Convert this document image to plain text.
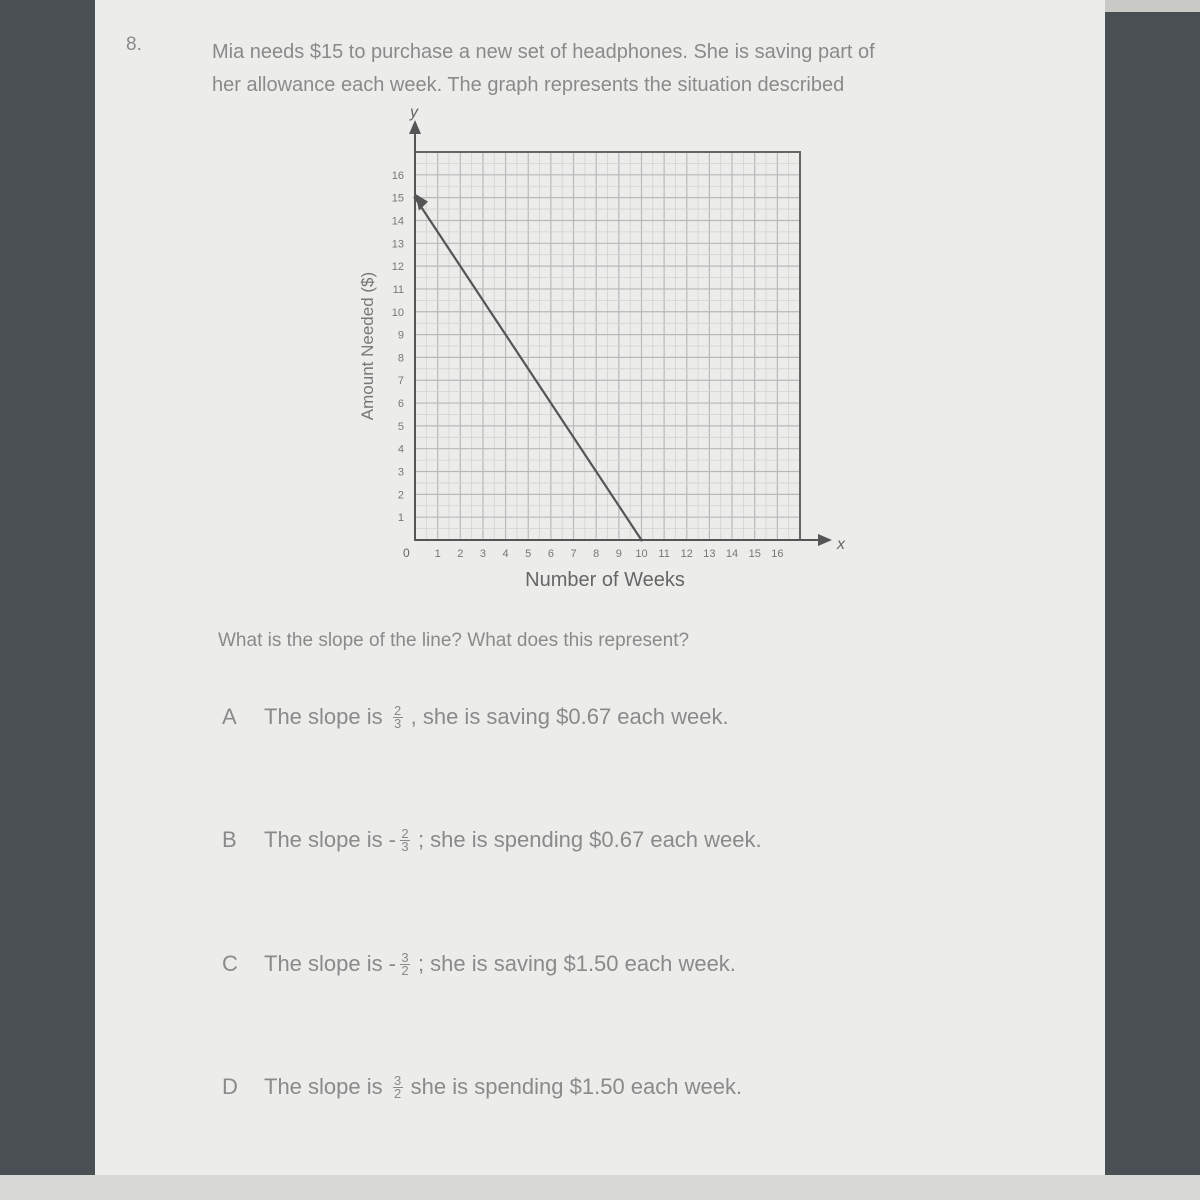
8.	Mia needs $15 to purchase a new set of headphones. She is saving part of
her allowance each week. The graph represents the situation described

y
x
0 1 2 3 4 5 6 7 8 9 10 11 12 13 14 15 16
1
2
3
4
5
6
7
8
9
10
11
12
13
14
15
16
Number of Weeks
Amount Needed ($)
What is the slope of the line? What does this represent?
A	The slope is $\frac{2}{3}$ , she is saving $0.67 each week.
B	The slope is - $\frac{2}{3}$ ; she is spending $0.67 each week.
C	The slope is - $\frac{3}{2}$ ; she is saving $1.50 each week.
D	The slope is $\frac{3}{2}$ she is spending $1.50 each week.
